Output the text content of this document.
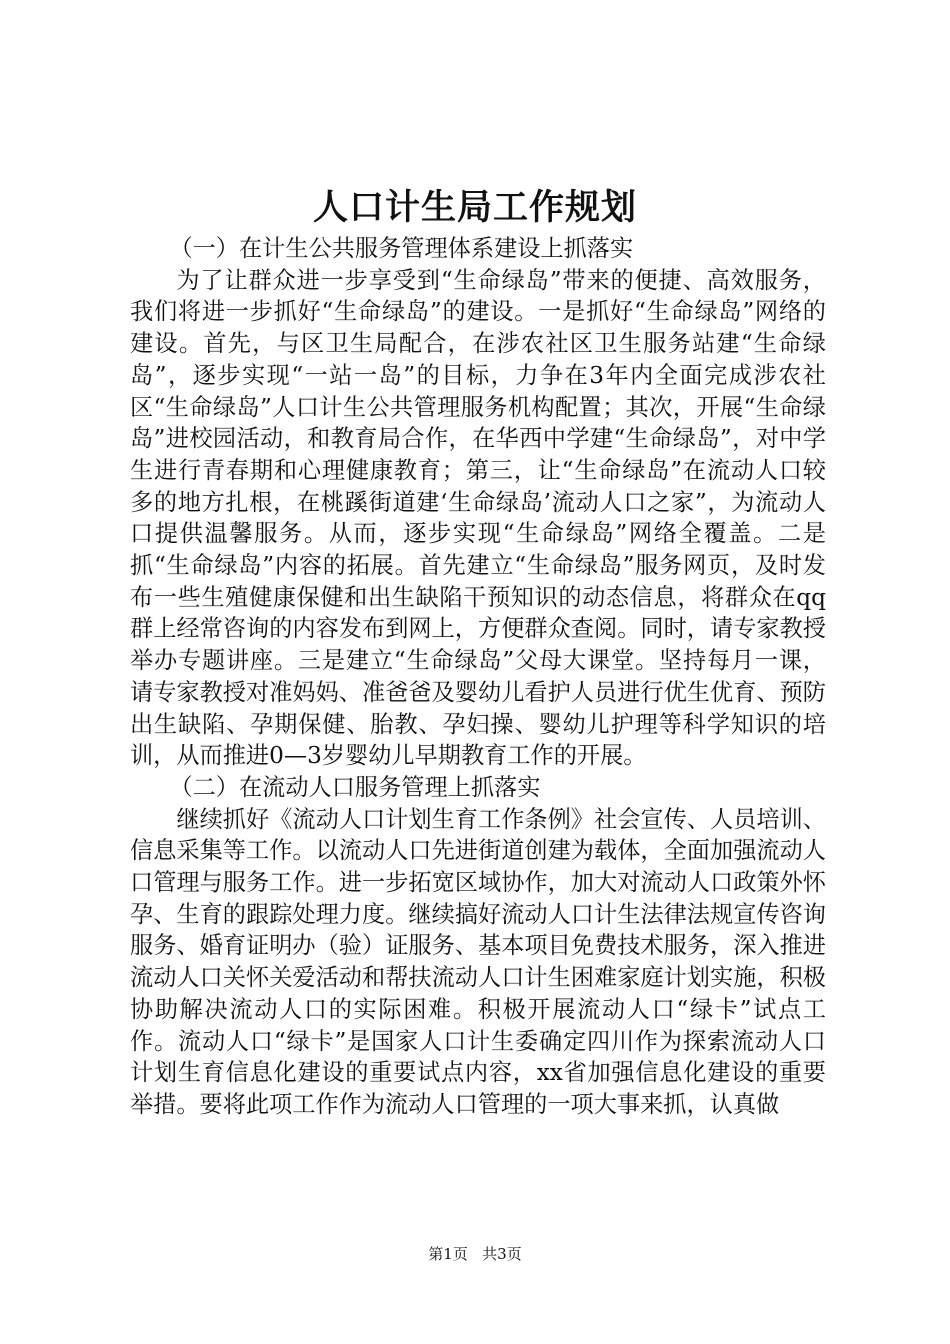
人口计生局工作规划

（一）在计生公共服务管理体系建设上抓落实

为了让群众进一步享受到“生命绿岛”带来的便捷、高效服务，我们将进一步抓好“生命绿岛”的建设。一是抓好“生命绿岛”网络的建设。首先，与区卫生局配合，在涉农社区卫生服务站建“生命绿岛”，逐步实现“一站一岛”的目标，力争在3年内全面完成涉农社区“生命绿岛”人口计生公共管理服务机构配置；其次，开展“生命绿岛”进校园活动，和教育局合作，在华西中学建“生命绿岛”，对中学生进行青春期和心理健康教育；第三，让“生命绿岛”在流动人口较多的地方扎根，在桃蹊街道建‘生命绿岛’流动人口之家”，为流动人口提供温馨服务。从而，逐步实现“生命绿岛”网络全覆盖。二是抓“生命绿岛”内容的拓展。首先建立“生命绿岛”服务网页，及时发布一些生殖健康保健和出生缺陷干预知识的动态信息，将群众在qq群上经常咨询的内容发布到网上，方便群众查阅。同时，请专家教授举办专题讲座。三是建立“生命绿岛”父母大课堂。坚持每月一课，请专家教授对准妈妈、准爸爸及婴幼儿看护人员进行优生优育、预防出生缺陷、孕期保健、胎教、孕妇操、婴幼儿护理等科学知识的培训，从而推进0—3岁婴幼儿早期教育工作的开展。

（二）在流动人口服务管理上抓落实

继续抓好《流动人口计划生育工作条例》社会宣传、人员培训、信息采集等工作。以流动人口先进街道创建为载体，全面加强流动人口管理与服务工作。进一步拓宽区域协作，加大对流动人口政策外怀孕、生育的跟踪处理力度。继续搞好流动人口计生法律法规宣传咨询服务、婚育证明办（验）证服务、基本项目免费技术服务，深入推进流动人口关怀关爱活动和帮扶流动人口计生困难家庭计划实施，积极协助解决流动人口的实际困难。积极开展流动人口“绿卡”试点工作。流动人口“绿卡”是国家人口计生委确定四川作为探索流动人口计划生育信息化建设的重要试点内容，xx省加强信息化建设的重要举措。要将此项工作作为流动人口管理的一项大事来抓，认真做

第1页 共3页
